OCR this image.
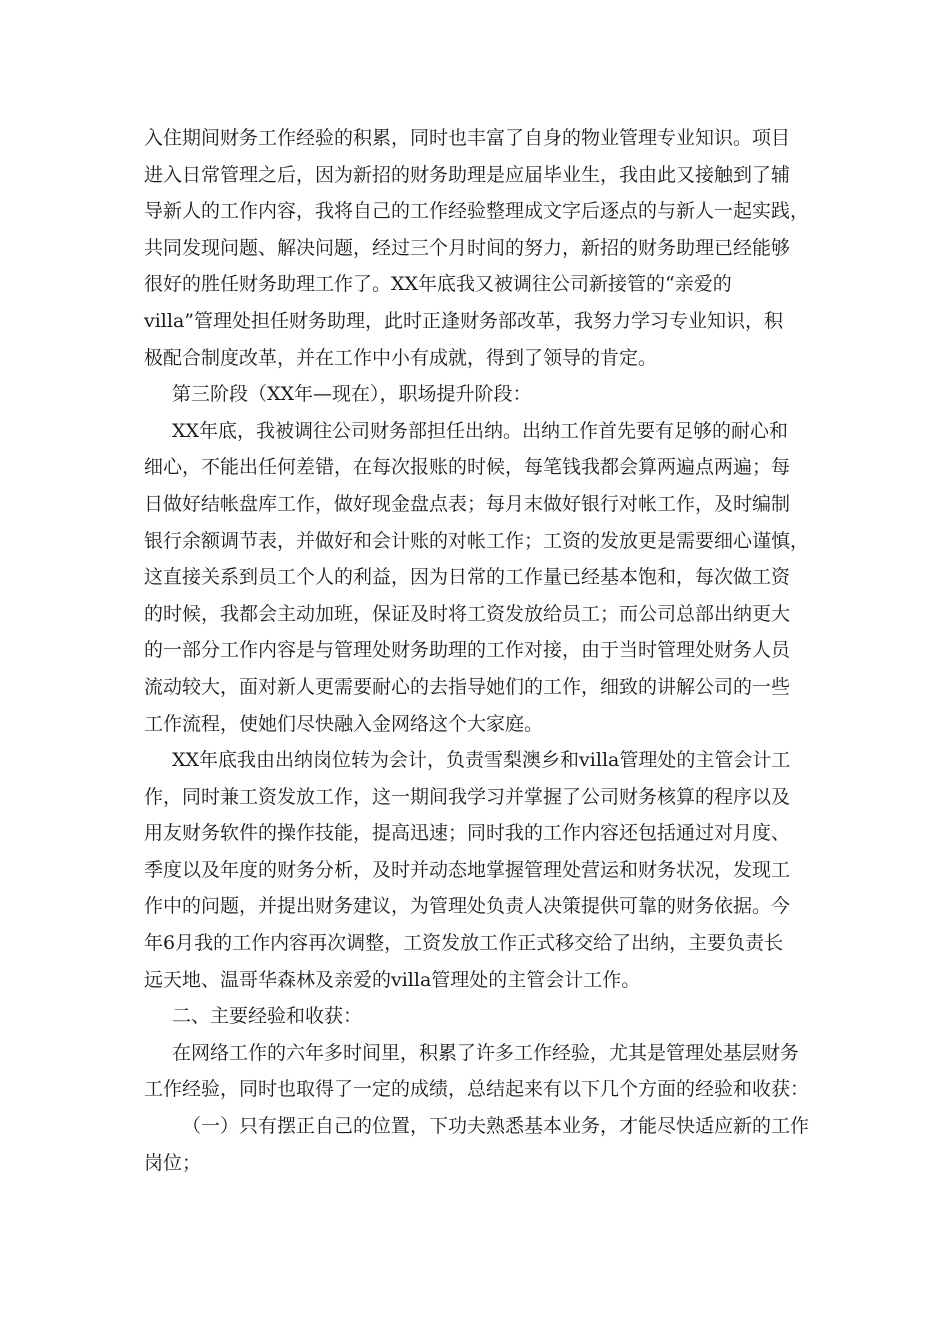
入住期间财务工作经验的积累，同时也丰富了自身的物业管理专业知识。项目
进入日常管理之后，因为新招的财务助理是应届毕业生，我由此又接触到了辅
导新人的工作内容，我将自己的工作经验整理成文字后逐点的与新人一起实践，
共同发现问题、解决问题，经过三个月时间的努力，新招的财务助理已经能够
很好的胜任财务助理工作了。XX年底我又被调往公司新接管的“亲爱的
villa”管理处担任财务助理，此时正逢财务部改革，我努力学习专业知识，积
极配合制度改革，并在工作中小有成就，得到了领导的肯定。

第三阶段（XX年—现在），职场提升阶段：

XX年底，我被调往公司财务部担任出纳。出纳工作首先要有足够的耐心和
细心，不能出任何差错，在每次报账的时候，每笔钱我都会算两遍点两遍；每
日做好结帐盘库工作，做好现金盘点表；每月末做好银行对帐工作，及时编制
银行余额调节表，并做好和会计账的对帐工作；工资的发放更是需要细心谨慎，
这直接关系到员工个人的利益，因为日常的工作量已经基本饱和，每次做工资
的时候，我都会主动加班，保证及时将工资发放给员工；而公司总部出纳更大
的一部分工作内容是与管理处财务助理的工作对接，由于当时管理处财务人员
流动较大，面对新人更需要耐心的去指导她们的工作，细致的讲解公司的一些
工作流程，使她们尽快融入金网络这个大家庭。

XX年底我由出纳岗位转为会计，负责雪梨澳乡和villa管理处的主管会计工
作，同时兼工资发放工作，这一期间我学习并掌握了公司财务核算的程序以及
用友财务软件的操作技能，提高迅速；同时我的工作内容还包括通过对月度、
季度以及年度的财务分析，及时并动态地掌握管理处营运和财务状况，发现工
作中的问题，并提出财务建议，为管理处负责人决策提供可靠的财务依据。今
年6月我的工作内容再次调整，工资发放工作正式移交给了出纳，主要负责长
远天地、温哥华森林及亲爱的villa管理处的主管会计工作。

二、主要经验和收获：

在网络工作的六年多时间里，积累了许多工作经验，尤其是管理处基层财务
工作经验，同时也取得了一定的成绩，总结起来有以下几个方面的经验和收获：

（一）只有摆正自己的位置，下功夫熟悉基本业务，才能尽快适应新的工作
岗位；
